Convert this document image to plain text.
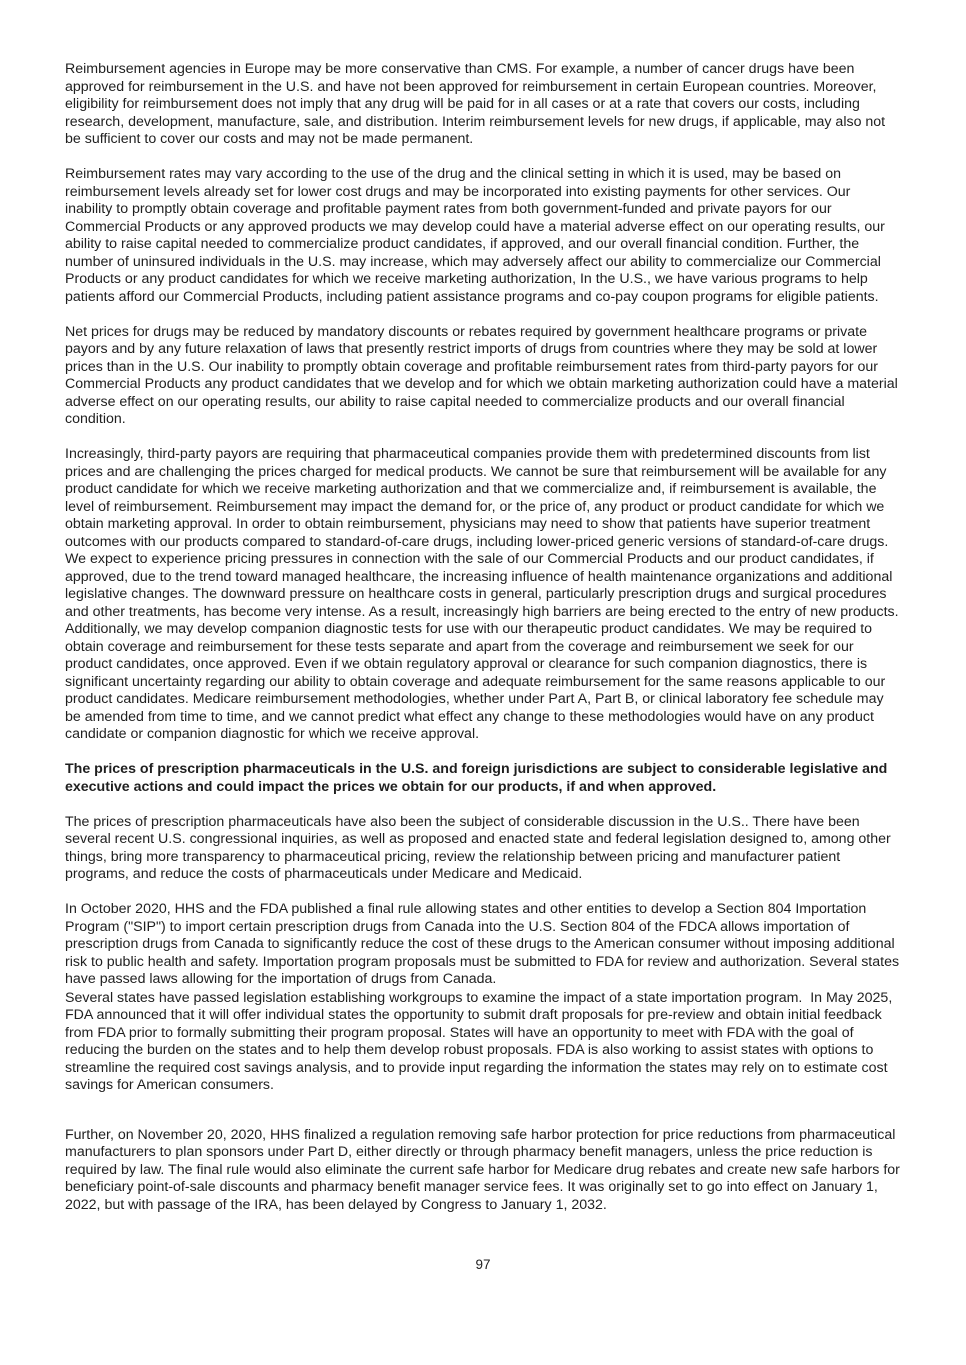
Reimbursement agencies in Europe may be more conservative than CMS. For example, a number of cancer drugs have been approved for reimbursement in the U.S. and have not been approved for reimbursement in certain European countries. Moreover, eligibility for reimbursement does not imply that any drug will be paid for in all cases or at a rate that covers our costs, including research, development, manufacture, sale, and distribution. Interim reimbursement levels for new drugs, if applicable, may also not be sufficient to cover our costs and may not be made permanent.

Reimbursement rates may vary according to the use of the drug and the clinical setting in which it is used, may be based on reimbursement levels already set for lower cost drugs and may be incorporated into existing payments for other services. Our inability to promptly obtain coverage and profitable payment rates from both government-funded and private payors for our Commercial Products or any approved products we may develop could have a material adverse effect on our operating results, our ability to raise capital needed to commercialize product candidates, if approved, and our overall financial condition. Further, the number of uninsured individuals in the U.S. may increase, which may adversely affect our ability to commercialize our Commercial Products or any product candidates for which we receive marketing authorization, In the U.S., we have various programs to help patients afford our Commercial Products, including patient assistance programs and co-pay coupon programs for eligible patients.

Net prices for drugs may be reduced by mandatory discounts or rebates required by government healthcare programs or private payors and by any future relaxation of laws that presently restrict imports of drugs from countries where they may be sold at lower prices than in the U.S. Our inability to promptly obtain coverage and profitable reimbursement rates from third-party payors for our Commercial Products any product candidates that we develop and for which we obtain marketing authorization could have a material adverse effect on our operating results, our ability to raise capital needed to commercialize products and our overall financial condition.

Increasingly, third-party payors are requiring that pharmaceutical companies provide them with predetermined discounts from list prices and are challenging the prices charged for medical products. We cannot be sure that reimbursement will be available for any product candidate for which we receive marketing authorization and that we commercialize and, if reimbursement is available, the level of reimbursement. Reimbursement may impact the demand for, or the price of, any product or product candidate for which we obtain marketing approval. In order to obtain reimbursement, physicians may need to show that patients have superior treatment outcomes with our products compared to standard-of-care drugs, including lower-priced generic versions of standard-of-care drugs. We expect to experience pricing pressures in connection with the sale of our Commercial Products and our product candidates, if approved, due to the trend toward managed healthcare, the increasing influence of health maintenance organizations and additional legislative changes. The downward pressure on healthcare costs in general, particularly prescription drugs and surgical procedures and other treatments, has become very intense. As a result, increasingly high barriers are being erected to the entry of new products. Additionally, we may develop companion diagnostic tests for use with our therapeutic product candidates. We may be required to obtain coverage and reimbursement for these tests separate and apart from the coverage and reimbursement we seek for our product candidates, once approved. Even if we obtain regulatory approval or clearance for such companion diagnostics, there is significant uncertainty regarding our ability to obtain coverage and adequate reimbursement for the same reasons applicable to our product candidates. Medicare reimbursement methodologies, whether under Part A, Part B, or clinical laboratory fee schedule may be amended from time to time, and we cannot predict what effect any change to these methodologies would have on any product candidate or companion diagnostic for which we receive approval.

The prices of prescription pharmaceuticals in the U.S. and foreign jurisdictions are subject to considerable legislative and executive actions and could impact the prices we obtain for our products, if and when approved.

The prices of prescription pharmaceuticals have also been the subject of considerable discussion in the U.S.. There have been several recent U.S. congressional inquiries, as well as proposed and enacted state and federal legislation designed to, among other things, bring more transparency to pharmaceutical pricing, review the relationship between pricing and manufacturer patient programs, and reduce the costs of pharmaceuticals under Medicare and Medicaid.

In October 2020, HHS and the FDA published a final rule allowing states and other entities to develop a Section 804 Importation Program ("SIP") to import certain prescription drugs from Canada into the U.S. Section 804 of the FDCA allows importation of prescription drugs from Canada to significantly reduce the cost of these drugs to the American consumer without imposing additional risk to public health and safety. Importation program proposals must be submitted to FDA for review and authorization. Several states have passed laws allowing for the importation of drugs from Canada.

Several states have passed legislation establishing workgroups to examine the impact of a state importation program.  In May 2025, FDA announced that it will offer individual states the opportunity to submit draft proposals for pre-review and obtain initial feedback from FDA prior to formally submitting their program proposal. States will have an opportunity to meet with FDA with the goal of reducing the burden on the states and to help them develop robust proposals. FDA is also working to assist states with options to streamline the required cost savings analysis, and to provide input regarding the information the states may rely on to estimate cost savings for American consumers.

Further, on November 20, 2020, HHS finalized a regulation removing safe harbor protection for price reductions from pharmaceutical manufacturers to plan sponsors under Part D, either directly or through pharmacy benefit managers, unless the price reduction is required by law. The final rule would also eliminate the current safe harbor for Medicare drug rebates and create new safe harbors for beneficiary point-of-sale discounts and pharmacy benefit manager service fees. It was originally set to go into effect on January 1, 2022, but with passage of the IRA, has been delayed by Congress to January 1, 2032.

97
